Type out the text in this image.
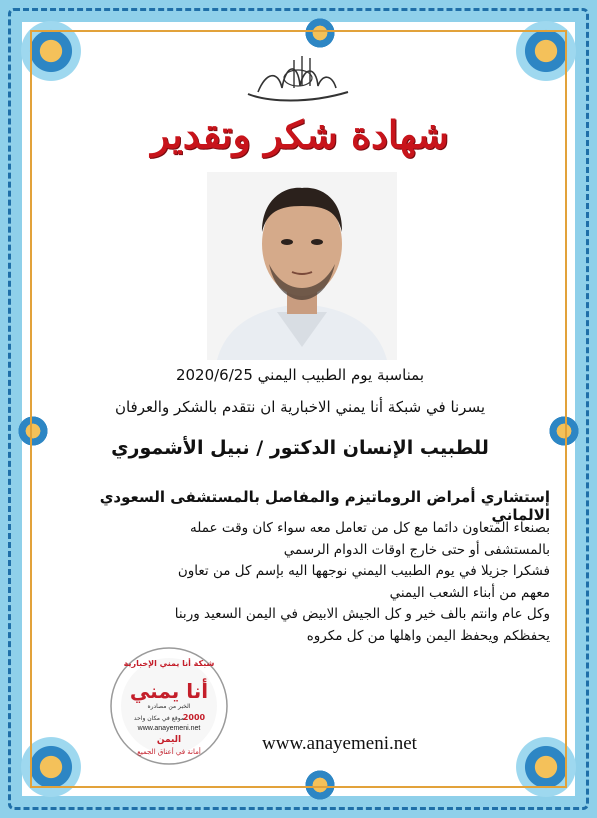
شهادة شكر وتقدير
بمناسبة يوم الطبيب اليمني 2020/6/25
يسرنا في شبكة أنا يمني الاخبارية ان نتقدم بالشكر والعرفان
للطبيب الإنسان الدكتور / نبيل الأشموري
إستشاري أمراض الروماتيزم والمفاصل بالمستشفى السعودي الالماني
بصنعاء المتعاون دائما مع كل من تعامل معه سواء كان وقت عمله
بالمستشفى أو حتى خارج اوقات الدوام الرسمي
فشكرا جزيلا في يوم الطبيب اليمني نوجهها اليه بإسم كل من تعاون
معهم من أبناء الشعب اليمني
وكل عام وانتم بالف خير و كل الجيش الابيض في اليمن السعيد وربنا
يحفظكم ويحفظ اليمن واهلها من كل مكروه
شبكة أنا يمني الإخبارية
أنا يمني
الخبر من مصادره
2000
موقع في مكان واحد
www.anayemeni.net
اليمن
أمانة في أعناق الجميع	www.anayemeni.net
